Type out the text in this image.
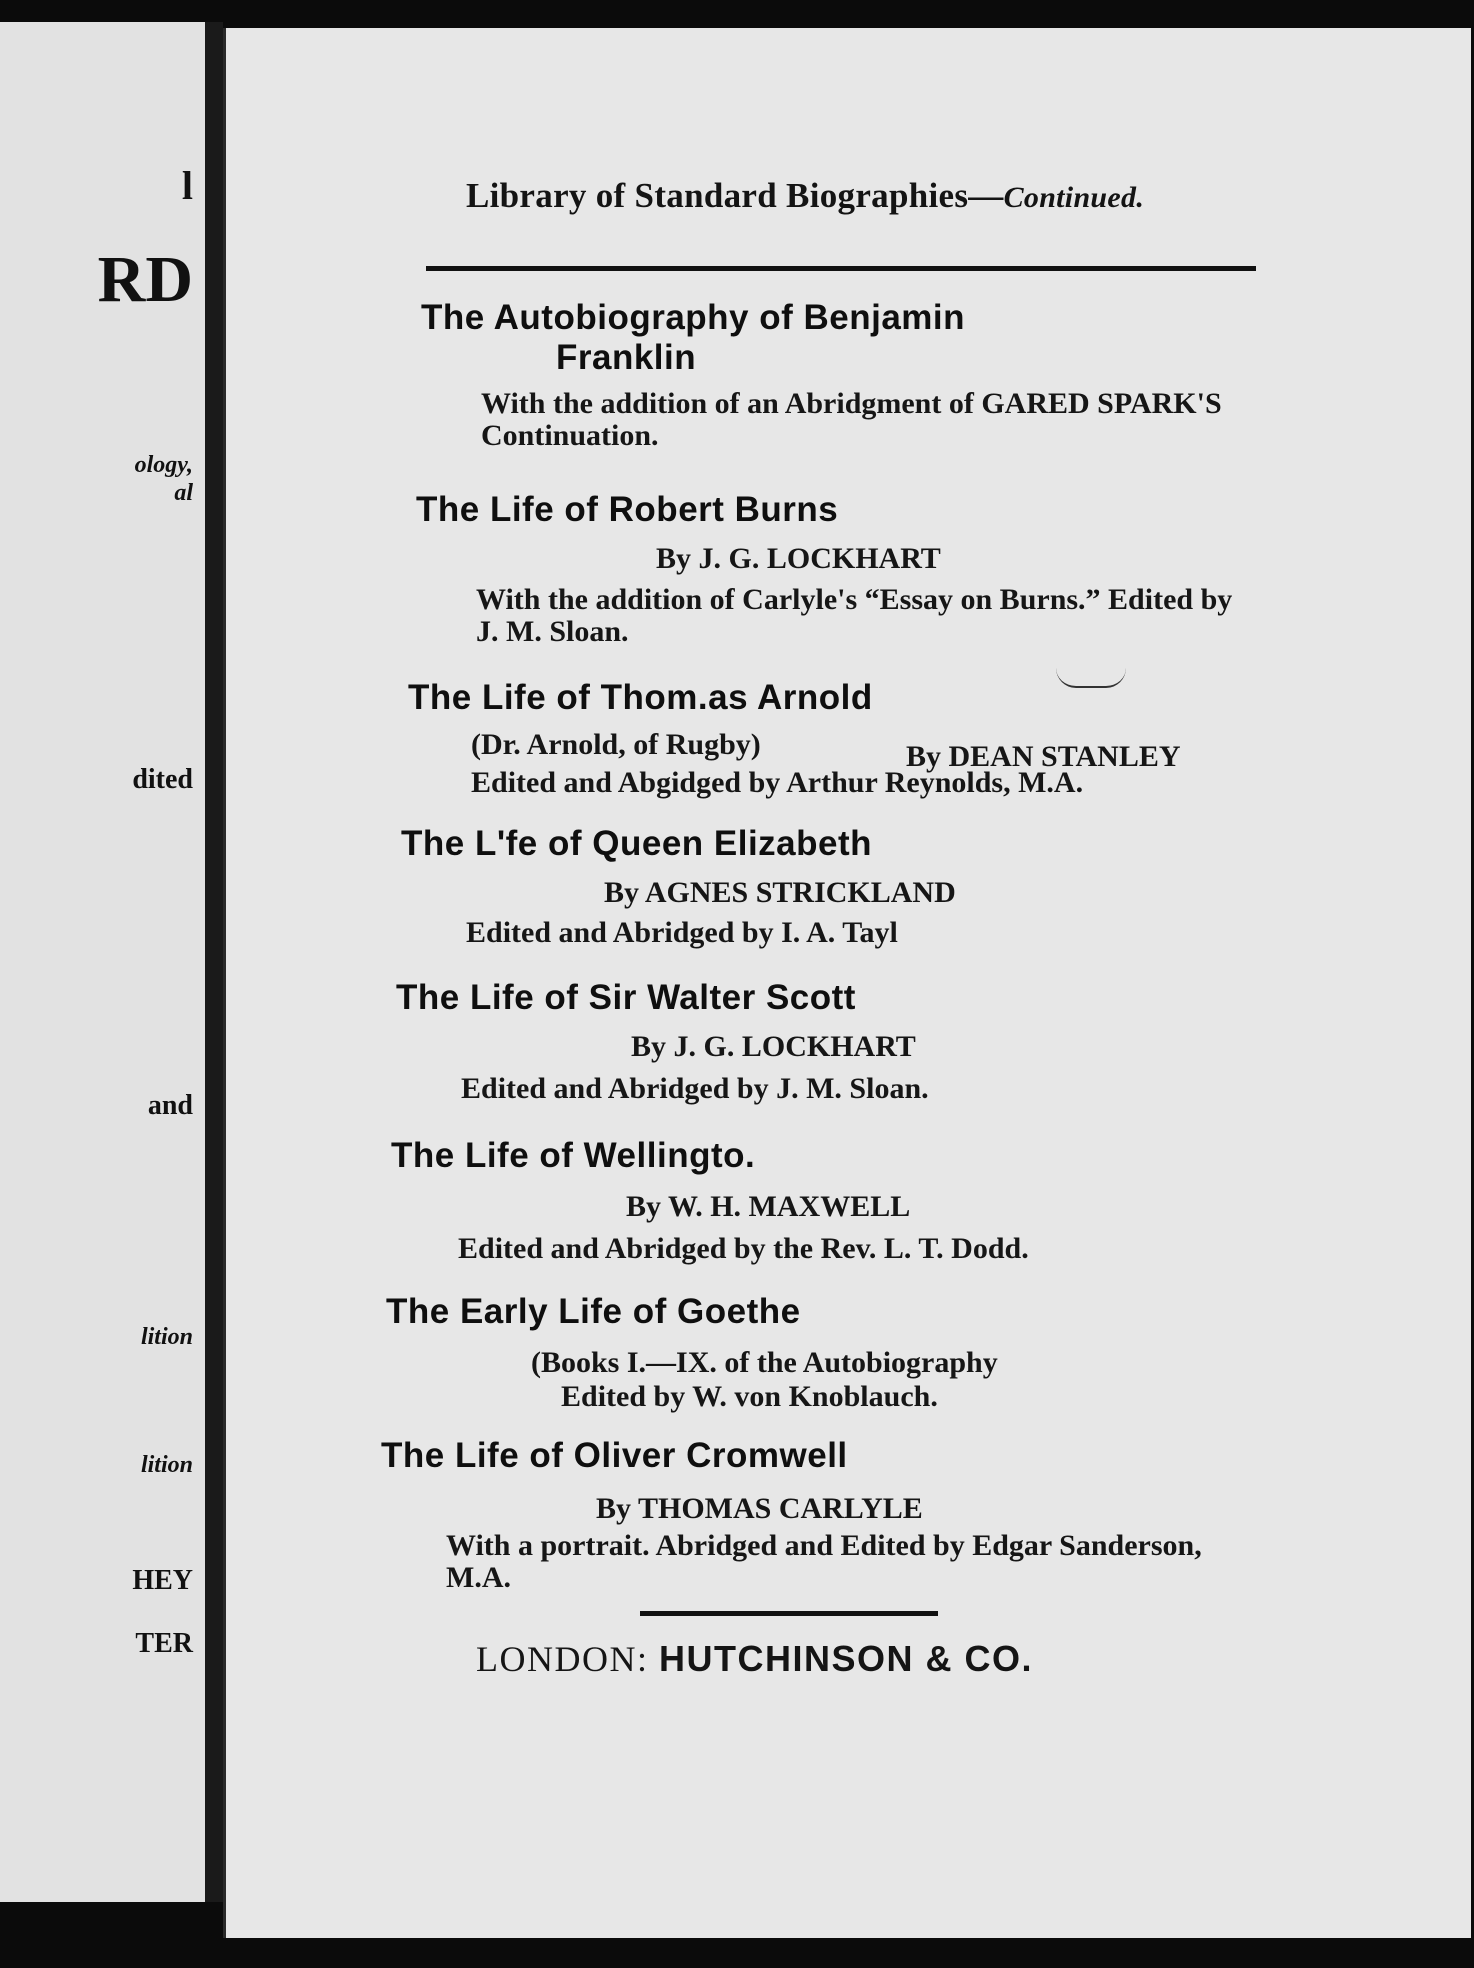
l
RD
ology,
al
dited
and
lition
lition
HEY
TER
Library of Standard Biographies—Continued.
The Autobiography of Benjamin
Franklin
With the addition of an Abridgment of GARED SPARK'S Continuation.
The Life of Robert Burns
By J. G. LOCKHART
With the addition of Carlyle's “Essay on Burns.” Edited by J. M. Sloan.
The Life of Thom.as Arnold
(Dr. Arnold, of Rugby)	By DEAN STANLEY
Edited and Abgidged by Arthur Reynolds, M.A.
The L'fe of Queen Elizabeth
By AGNES STRICKLAND
Edited and Abridged by I. A. Tayl
The Life of Sir Walter Scott
By J. G. LOCKHART
Edited and Abridged by J. M. Sloan.
The Life of Wellingto.
By W. H. MAXWELL
Edited and Abridged by the Rev. L. T. Dodd.
The Early Life of Goethe
(Books I.—IX. of the Autobiography
Edited by W. von Knoblauch.
The Life of Oliver Cromwell
By THOMAS CARLYLE
With a portrait. Abridged and Edited by Edgar Sanderson, M.A.
LONDON: HUTCHINSON & CO.
